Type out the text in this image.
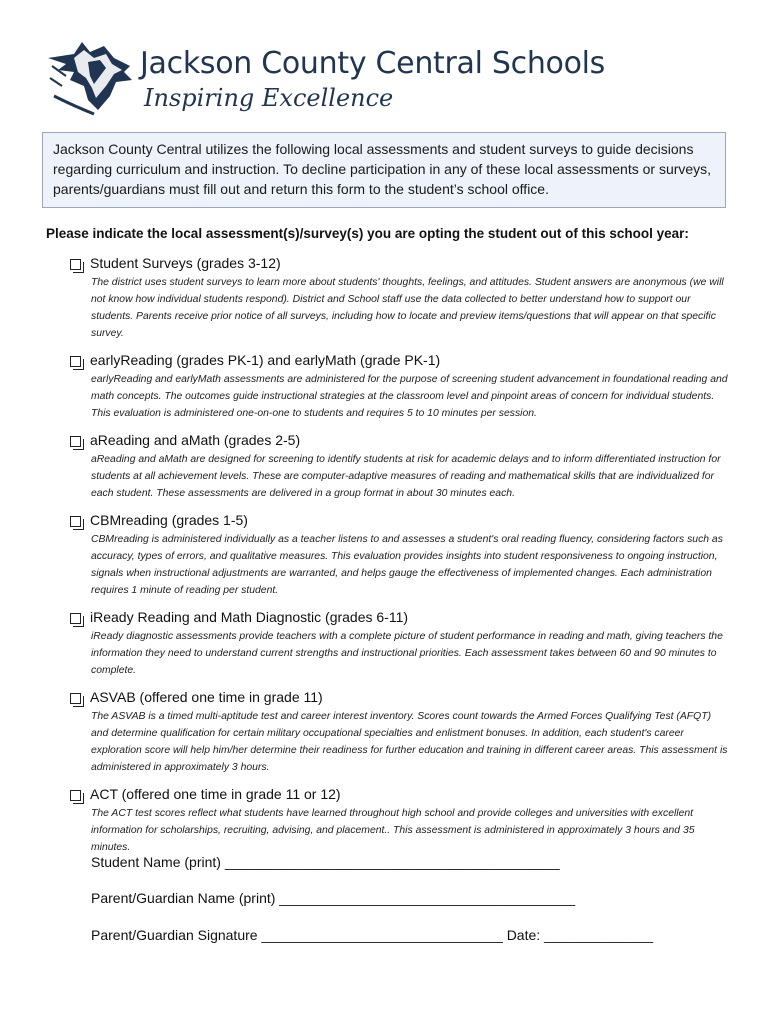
Jackson County Central Schools
Inspiring Excellence
Jackson County Central utilizes the following local assessments and student surveys to guide decisions regarding curriculum and instruction. To decline participation in any of these local assessments or surveys, parents/guardians must fill out and return this form to the student’s school office.
Please indicate the local assessment(s)/survey(s) you are opting the student out of this school year:
Student Surveys (grades 3-12)
The district uses student surveys to learn more about students' thoughts, feelings, and attitudes. Student answers are anonymous (we will not know how individual students respond). District and School staff use the data collected to better understand how to support our students. Parents receive prior notice of all surveys, including how to locate and preview items/questions that will appear on that specific survey.
earlyReading (grades PK-1) and earlyMath (grade PK-1)
earlyReading and earlyMath assessments are administered for the purpose of screening student advancement in foundational reading and math concepts. The outcomes guide instructional strategies at the classroom level and pinpoint areas of concern for individual students. This evaluation is administered one-on-one to students and requires 5 to 10 minutes per session.
aReading and aMath (grades 2-5)
aReading and aMath are designed for screening to identify students at risk for academic delays and to inform differentiated instruction for students at all achievement levels. These are computer-adaptive measures of reading and mathematical skills that are individualized for each student. These assessments are delivered in a group format in about 30 minutes each.
CBMreading (grades 1-5)
CBMreading is administered individually as a teacher listens to and assesses a student's oral reading fluency, considering factors such as accuracy, types of errors, and qualitative measures. This evaluation provides insights into student responsiveness to ongoing instruction, signals when instructional adjustments are warranted, and helps gauge the effectiveness of implemented changes. Each administration requires 1 minute of reading per student.
iReady Reading and Math Diagnostic (grades 6-11)
iReady diagnostic assessments provide teachers with a complete picture of student performance in reading and math, giving teachers the information they need to understand current strengths and instructional priorities. Each assessment takes between 60 and 90 minutes to complete.
ASVAB (offered one time in grade 11)
The ASVAB is a timed multi-aptitude test and career interest inventory. Scores count towards the Armed Forces Qualifying Test (AFQT) and determine qualification for certain military occupational specialties and enlistment bonuses. In addition, each student's career exploration score will help him/her determine their readiness for further education and training in different career areas. This assessment is administered in approximately 3 hours.
ACT (offered one time in grade 11 or 12)
The ACT test scores reflect what students have learned throughout high school and provide colleges and universities with excellent information for scholarships, recruiting, advising, and placement.. This assessment is administered in approximately 3 hours and 35 minutes.
Student Name (print) ___________________________________________
Parent/Guardian Name (print) ______________________________________
Parent/Guardian Signature _______________________________ Date: ______________
